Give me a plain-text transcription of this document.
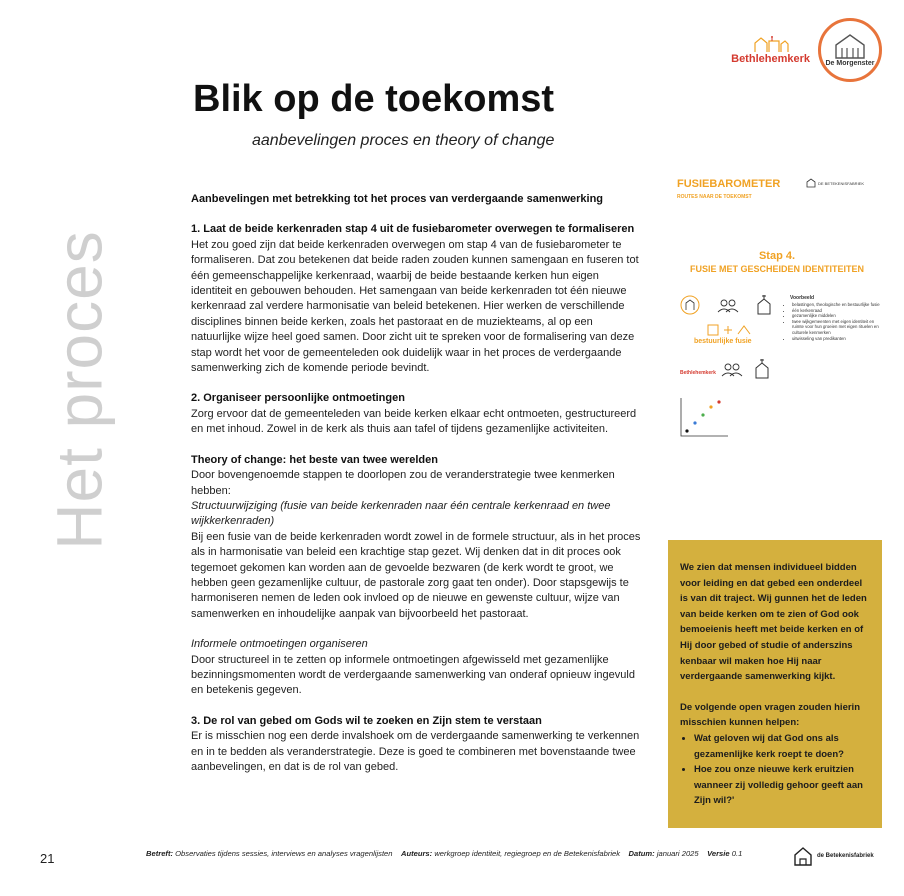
Het proces
Bethlehemkerk De Morgenster
Blik op de toekomst
aanbevelingen proces en theory of change

Aanbevelingen met betrekking tot het proces van verdergaande samenwerking

1. Laat de beide kerkenraden stap 4 uit de fusiebarometer overwegen te formaliseren

Het zou goed zijn dat beide kerkenraden overwegen om stap 4 van de fusiebarometer te formaliseren. Dat zou betekenen dat beide raden zouden kunnen samengaan en fuseren tot één gemeenschappelijke kerkenraad, waarbij de beide bestaande kerken hun eigen identiteit en gebouwen behouden. Het samengaan van beide kerkenraden tot één nieuwe kerkenraad zal verdere harmonisatie van beleid betekenen. Hier werken de verschillende disciplines binnen beide kerken, zoals het pastoraat en de muziekteams, al op een natuurlijke wijze heel goed samen. Door zicht uit te spreken voor de formalisering van deze stap wordt het voor de gemeenteleden ook duidelijk waar in het proces de verdergaande samenwerking zich de komende periode bevindt.

2. Organiseer persoonlijke ontmoetingen

Zorg ervoor dat de gemeenteleden van beide kerken elkaar echt ontmoeten, gestructureerd en met inhoud. Zowel in de kerk als thuis aan tafel of tijdens gezamenlijke activiteiten.

Theory of change: het beste van twee werelden

Door bovengenoemde stappen te doorlopen zou de veranderstrategie twee kenmerken hebben:

Structuurwijziging (fusie van beide kerkenraden naar één centrale kerkenraad en twee wijkkerkenraden)

Bij een fusie van de beide kerkenraden wordt zowel in de formele structuur, als in het proces als in harmonisatie van beleid een krachtige stap gezet. Wij denken dat in dit proces ook tegemoet gekomen kan worden aan de gevoelde bezwaren (de kerk wordt te groot, we hebben geen gezamenlijke cultuur, de pastorale zorg gaat ten onder). Door stapsgewijs te harmoniseren nemen de leden ook invloed op de nieuwe en gewenste cultuur, wijze van samenwerken en inhoudelijke aanpak van bijvoorbeeld het pastoraat.

Informele ontmoetingen organiseren

Door structureel in te zetten op informele ontmoetingen afgewisseld met gezamenlijke bezinningsmomenten wordt de verdergaande samenwerking van onderaf opnieuw ingevuld en betekenis gegeven.

3. De rol van gebed om Gods wil te zoeken en Zijn stem te verstaan

Er is misschien nog een derde invalshoek om de verdergaande samenwerking te verkennen en in te bedden als veranderstrategie. Deze is goed te combineren met bovenstaande twee aanbevelingen, en dat is de rol van gebed.

FUSIEBAROMETER
ROUTES NAAR DE TOEKOMST
DE BETEKENISFABRIEK
Stap 4.
FUSIE MET GESCHEIDEN IDENTITEITEN
bestuurlijke fusie
Bethlehemkerk
Voorbeeld
• belastingen, theologische en bestuurlijke fusie
• één kerkenraad
• gezamenlijke middelen
• twee wijkgemeenten met eigen identiteit en ruimte voor hun groeien met eigen rituelen en culturele kenmerken
• uitwisseling van predikanten

We zien dat mensen individueel bidden voor leiding en dat gebed een onderdeel is van dit traject. Wij gunnen het de leden van beide kerken om te zien of God ook bemoeienis heeft met beide kerken en of Hij door gebed of studie of anderszins kenbaar wil maken hoe Hij naar verdergaande samenwerking kijkt.

De volgende open vragen zouden hierin misschien kunnen helpen:

• Wat geloven wij dat God ons als gezamenlijke kerk roept te doen?
• Hoe zou onze nieuwe kerk eruitzien wanneer zij volledig gehoor geeft aan Zijn wil?'
21	Betreft: Observaties tijdens sessies, interviews en analyses vragenlijsten Auteurs: werkgroep identiteit, regiegroep en de Betekenisfabriek Datum: januari 2025 Versie 0.1	de Betekenisfabriek
